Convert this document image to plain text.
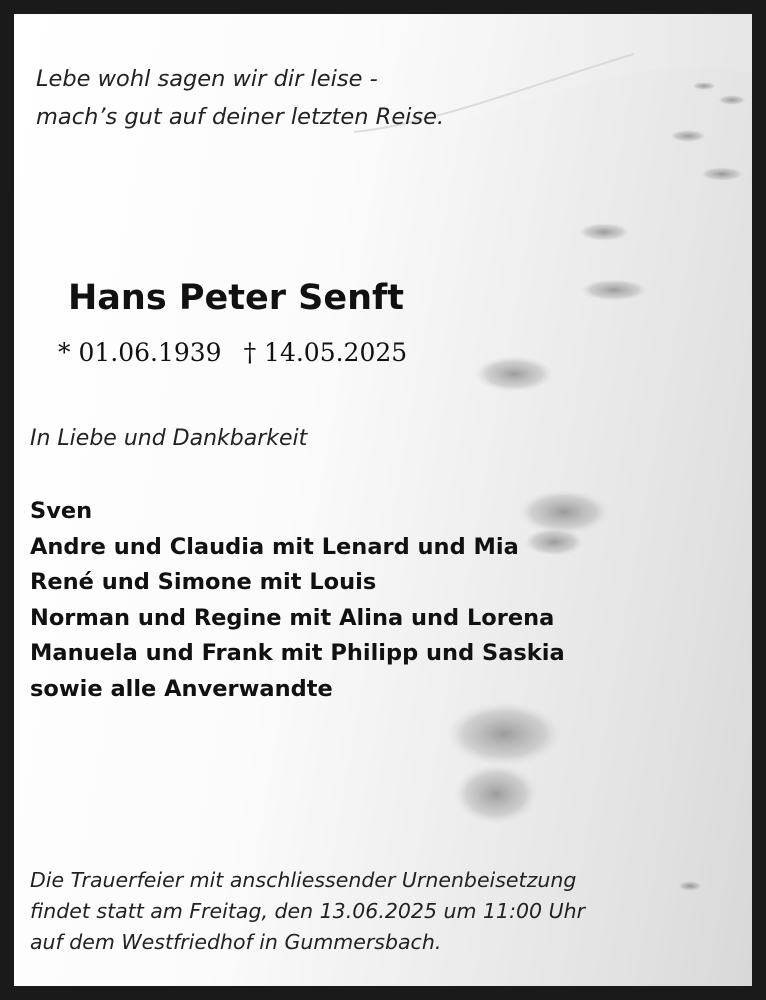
Lebe wohl sagen wir dir leise -
mach’s gut auf deiner letzten Reise.
Hans Peter Senft
* 01.06.1939 † 14.05.2025
In Liebe und Dankbarkeit
Sven
Andre und Claudia mit Lenard und Mia
René und Simone mit Louis
Norman und Regine mit Alina und Lorena
Manuela und Frank mit Philipp und Saskia
sowie alle Anverwandte
Die Trauerfeier mit anschliessender Urnenbeisetzung
findet statt am Freitag, den 13.06.2025 um 11:00 Uhr
auf dem Westfriedhof in Gummersbach.
